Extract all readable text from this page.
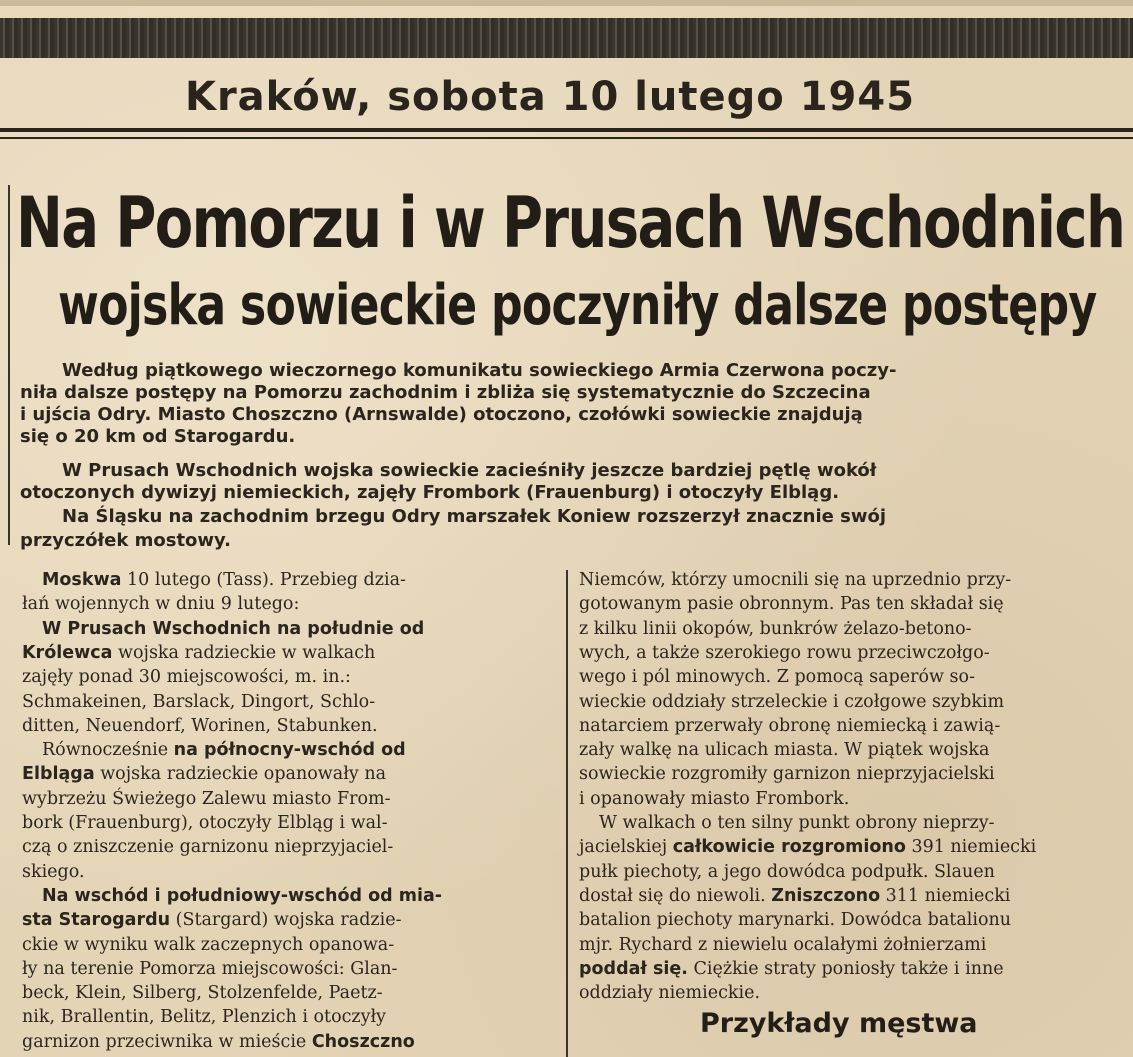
Kraków, sobota 10 lutego 1945
Na Pomorzu i w Prusach Wschodnich
wojska sowieckie poczyniły dalsze postępy
Według piątkowego wieczornego komunikatu sowieckiego Armia Czerwona poczy-
niła dalsze postępy na Pomorzu zachodnim i zbliża się systematycznie do Szczecina
i ujścia Odry. Miasto Choszczno (Arnswalde) otoczono, czołówki sowieckie znajdują
się o 20 km od Starogardu.
W Prusach Wschodnich wojska sowieckie zacieśniły jeszcze bardziej pętlę wokół
otoczonych dywizyj niemieckich, zajęły Frombork (Frauenburg) i otoczyły Elbląg.
Na Śląsku na zachodnim brzegu Odry marszałek Koniew rozszerzył znacznie swój
przyczółek mostowy.
Moskwa 10 lutego (Tass). Przebieg dzia-
łań wojennych w dniu 9 lutego:
W Prusach Wschodnich na południe od
Królewca wojska radzieckie w walkach
zajęły ponad 30 miejscowości, m. in.:
Schmakeinen, Barslack, Dingort, Schlo-
ditten, Neuendorf, Worinen, Stabunken.
Równocześnie na północny-wschód od
Elbląga wojska radzieckie opanowały na
wybrzeżu Świeżego Zalewu miasto From-
bork (Frauenburg), otoczyły Elbląg i wal-
czą o zniszczenie garnizonu nieprzyjaciel-
skiego.
Na wschód i południowy-wschód od mia-
sta Starogardu (Stargard) wojska radzie-
ckie w wyniku walk zaczepnych opanowa-
ły na terenie Pomorza miejscowości: Glan-
beck, Klein, Silberg, Stolzenfelde, Paetz-
nik, Brallentin, Belitz, Plenzich i otoczyły
garnizon przeciwnika w mieście Choszczno
Niemców, którzy umocnili się na uprzednio przy-
gotowanym pasie obronnym. Pas ten składał się
z kilku linii okopów, bunkrów żelazo-betono-
wych, a także szerokiego rowu przeciwczołgo-
wego i pól minowych. Z pomocą saperów so-
wieckie oddziały strzeleckie i czołgowe szybkim
natarciem przerwały obronę niemiecką i zawią-
zały walkę na ulicach miasta. W piątek wojska
sowieckie rozgromiły garnizon nieprzyjacielski
i opanowały miasto Frombork.
W walkach o ten silny punkt obrony nieprzy-
jacielskiej całkowicie rozgromiono 391 niemiecki
pułk piechoty, a jego dowódca podpułk. Slauen
dostał się do niewoli. Zniszczono 311 niemiecki
batalion piechoty marynarki. Dowódca batalionu
mjr. Rychard z niewielu ocalałymi żołnierzami
poddał się. Ciężkie straty poniosły także i inne
oddziały niemieckie.
Przykłady męstwa
